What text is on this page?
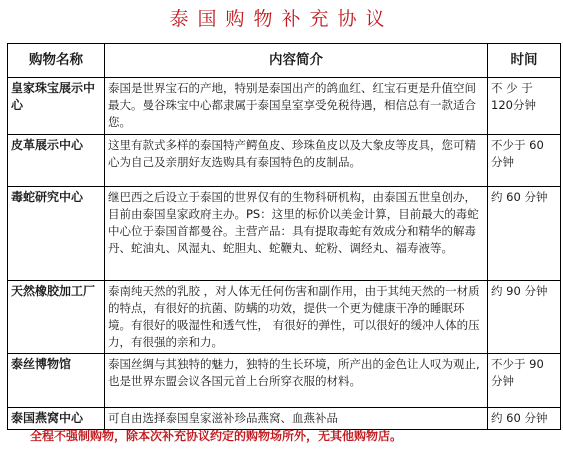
泰国购物补充协议
购物名称	内容简介	时间
皇家珠宝展示中心	泰国是世界宝石的产地，特别是泰国出产的鸽血红、红宝石更是升值空间最大。曼谷珠宝中心都隶属于泰国皇室享受免税待遇，相信总有一款适合您。	不 少 于 120分钟
皮革展示中心	这里有款式多样的泰国特产鳄鱼皮、珍珠鱼皮以及大象皮等皮具，您可精心为自己及亲朋好友选购具有泰国特色的皮制品。	不少于 60 分钟
毒蛇研究中心	继巴西之后设立于泰国的世界仅有的生物科研机构，由泰国五世皇创办，目前由泰国皇家政府主办。PS：这里的标价以美金计算，目前最大的毒蛇中心位于泰国首都曼谷。主营产品：具有提取毒蛇有效成分和精华的解毒丹、蛇油丸、风湿丸、蛇胆丸、蛇鞭丸、蛇粉、调经丸、福寿液等。	约 60 分钟
天然橡胶加工厂	泰南纯天然的乳胶 ，对人体无任何伤害和副作用，由于其纯天然的一材质的特点，有很好的抗菌、防螨的功效，提供一个更为健康干净的睡眠环境。有很好的吸湿性和透气性， 有很好的弹性，可以很好的缓冲人体的压力，有很强的亲和力。	约 90 分钟
泰丝博物馆	泰国丝绸与其独特的魅力，独特的生长环境，所产出的金色让人叹为观止,也是世界东盟会议各国元首上台所穿衣服的材料。	不少于 90 分钟
泰国燕窝中心	可自由选择泰国皇家滋补珍品燕窝、血燕补品	约 60 分钟
全程不强制购物，除本次补充协议约定的购物场所外，无其他购物店。
